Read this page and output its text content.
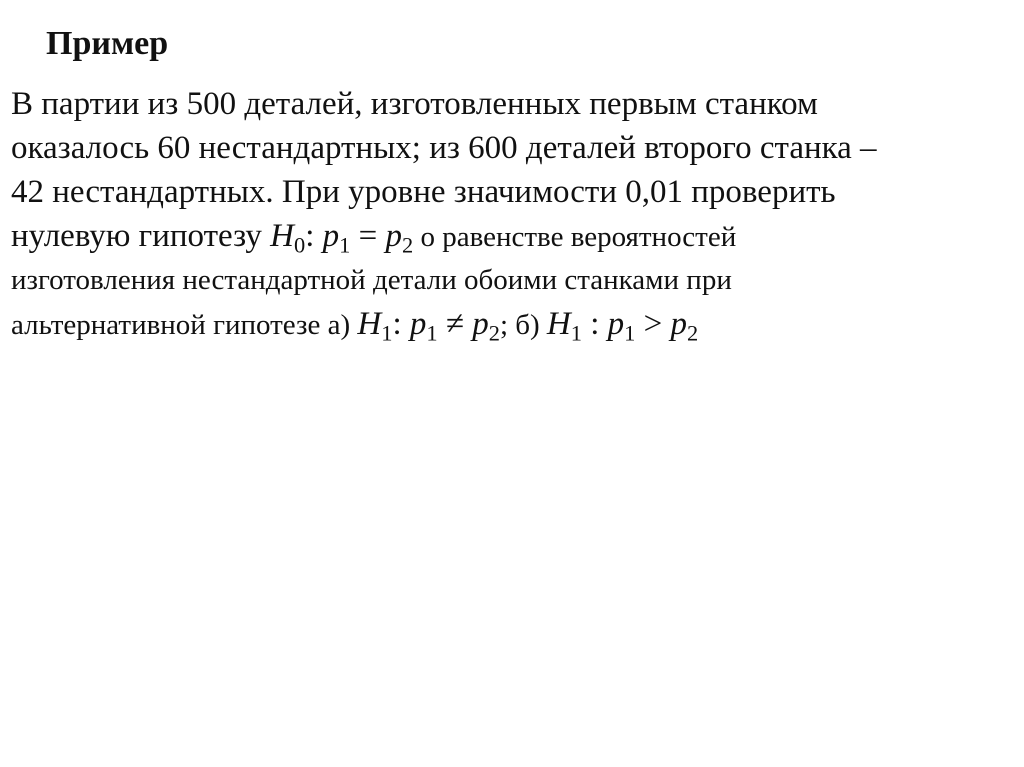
Пример
В партии из 500 деталей, изготовленных первым станком
оказалось 60 нестандартных; из 600 деталей второго станка –
42 нестандартных. При уровне значимости 0,01 проверить
нулевую гипотезу $H_0$: $p_1 = p_2$ о равенстве вероятностей
изготовления нестандартной детали обоими станками при
альтернативной гипотезе а) $H_1$: $p_1 \ne p_2$; б) $H_1$ : $p_1 > p_2$
